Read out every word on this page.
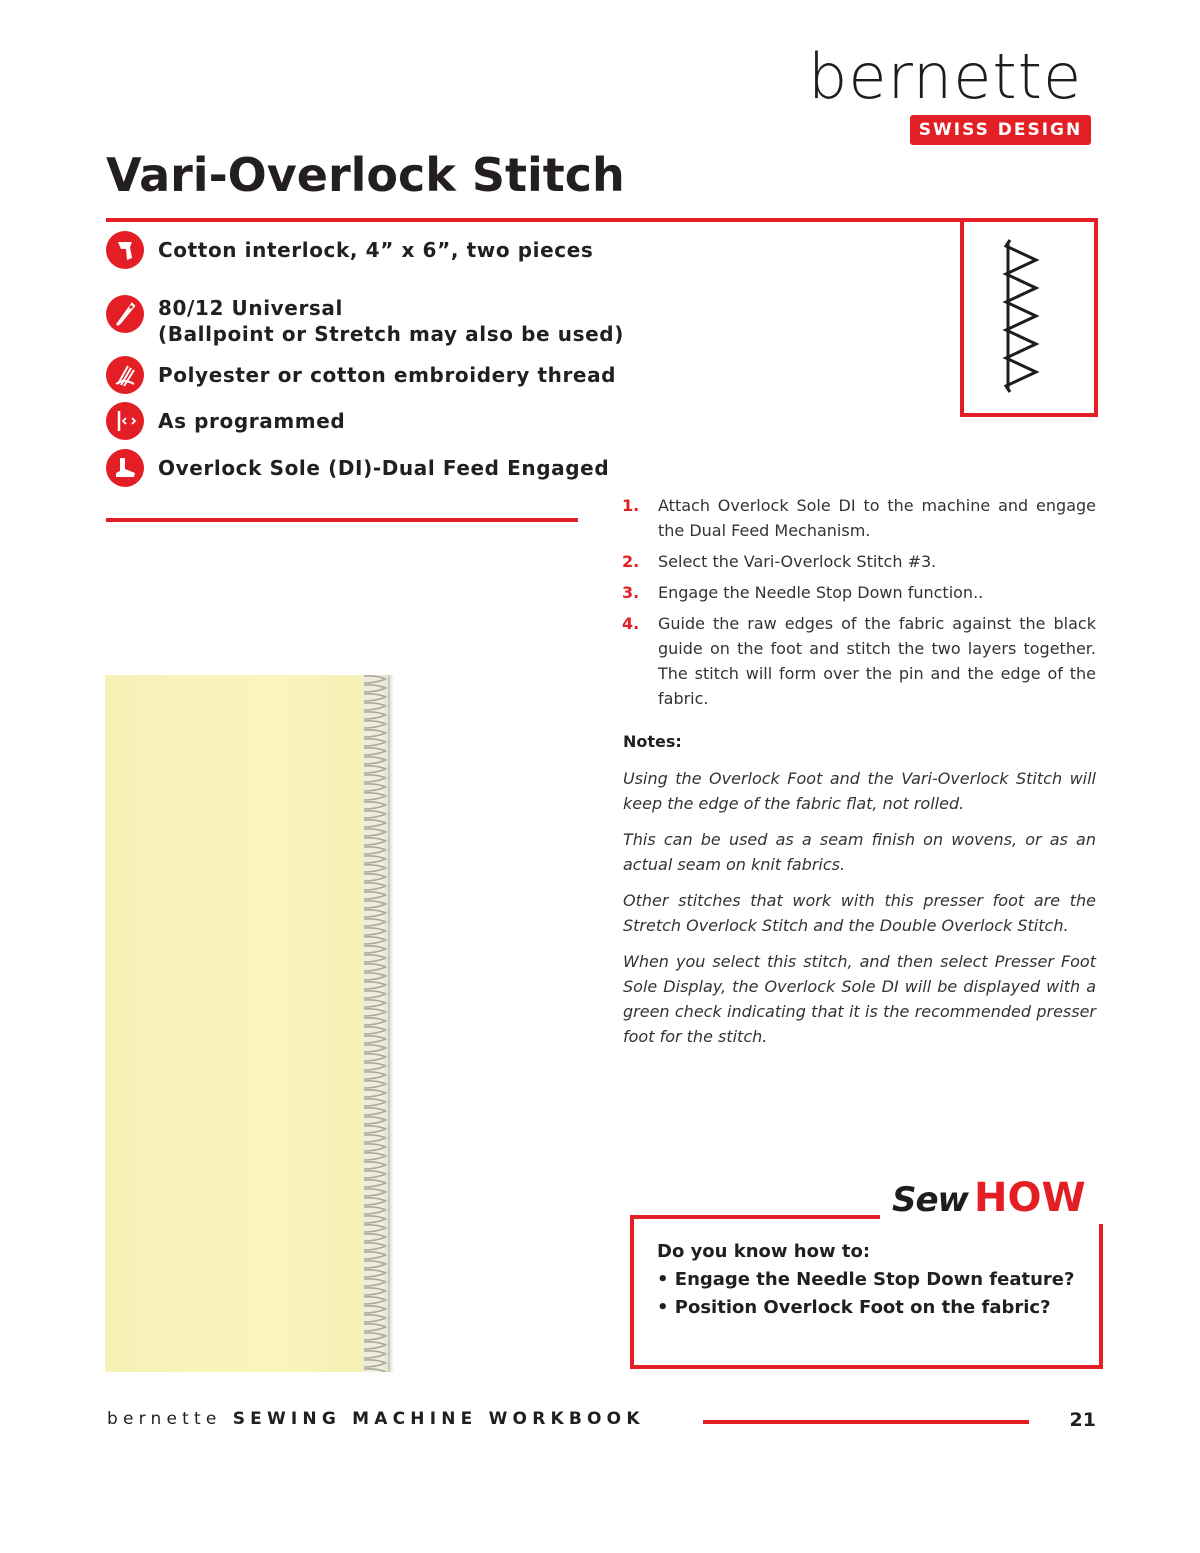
bernette
SWISS DESIGN
Vari-Overlock Stitch
Cotton interlock, 4” x 6”, two pieces
80/12 Universal
(Ballpoint or Stretch may also be used)
Polyester or cotton embroidery thread
As programmed
Overlock Sole (DI)-Dual Feed Engaged
1.	Attach Overlock Sole DI to the machine and engage the Dual Feed Mechanism.
2.	Select the Vari-Overlock Stitch #3.
3.	Engage the Needle Stop Down function..
4.	Guide the raw edges of the fabric against the black guide on the foot and stitch the two layers together. The stitch will form over the pin and the edge of the fabric.
Notes:

Using the Overlock Foot and the Vari-Overlock Stitch will keep the edge of the fabric flat, not rolled.

This can be used as a seam finish on wovens, or as an actual seam on knit fabrics.

Other stitches that work with this presser foot are the Stretch Overlock Stitch and the Double Overlock Stitch.

When you select this stitch, and then select Presser Foot Sole Display, the Overlock Sole DI will be displayed with a green check indicating that it is the recommended presser foot for the stitch.

Sew HOW
Do you know how to:
• Engage the Needle Stop Down feature?
• Position Overlock Foot on the fabric?
bernette SEWING MACHINE WORKBOOK	21
